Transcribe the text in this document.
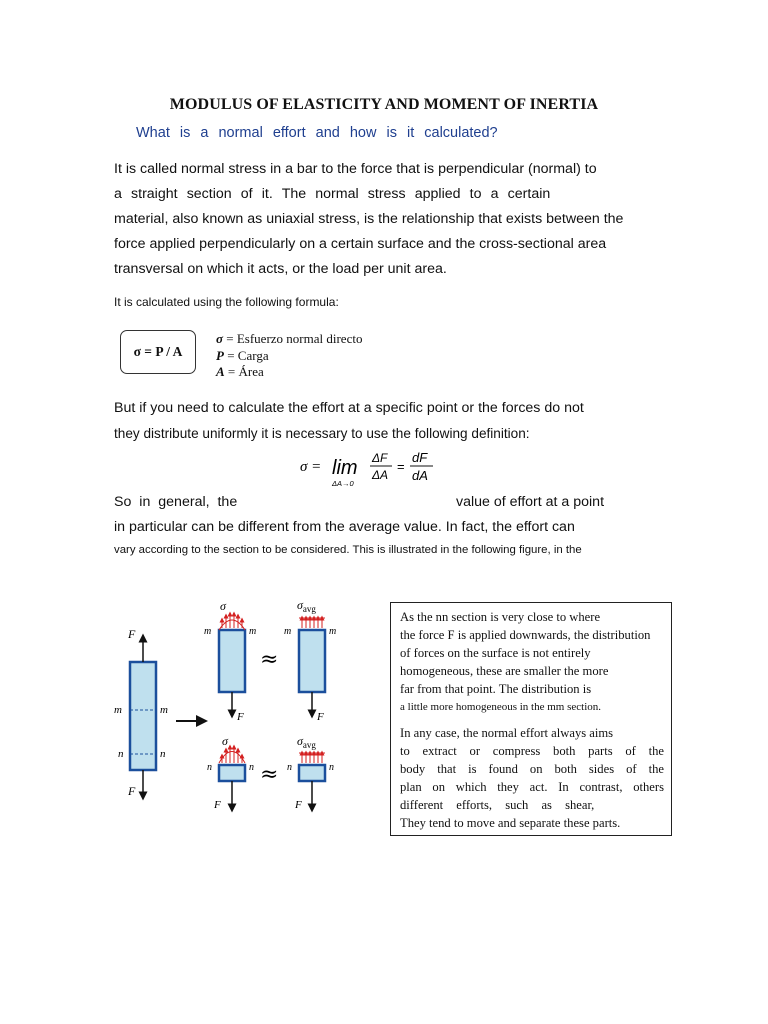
MODULUS OF ELASTICITY AND MOMENT OF INERTIA
What is a normal effort and how is it calculated?
It is called normal stress in a bar to the force that is perpendicular (normal) to
a straight section of it. The normal stress applied to a certain
material, also known as uniaxial stress, is the relationship that exists between the
force applied perpendicularly on a certain surface and the cross-sectional area
transversal on which it acts, or the load per unit area.
It is calculated using the following formula:
σ = P / A
σ = Esfuerzo normal directo
P = Carga
A = Área
But if you need to calculate the effort at a specific point or the forces do not
they distribute uniformly it is necessary to use the following definition:
σ = lim
ΔA→0
ΔF
ΔA
=
dF
dA
So in general, the	value of effort at a point
in particular can be different from the average value. In fact, the effort can
vary according to the section to be considered. This is illustrated in the following figure, in the
F
F
m	m
n	n
σ
m	m
F
≈
$\sigma_{avg}$
m	m
F
σ
n	n
F
≈
$\sigma_{avg}$
n	n
F
As the nn section is very close to where
the force F is applied downwards, the distribution
of forces on the surface is not entirely
homogeneous, these are smaller the more
far from that point. The distribution is
a little more homogeneous in the mm section.
In any case, the normal effort always aims
to extract or compress both parts of the
body that is found on both sides of the
plan on which they act. In contrast, others
different efforts, such as shear,
They tend to move and separate these parts.
